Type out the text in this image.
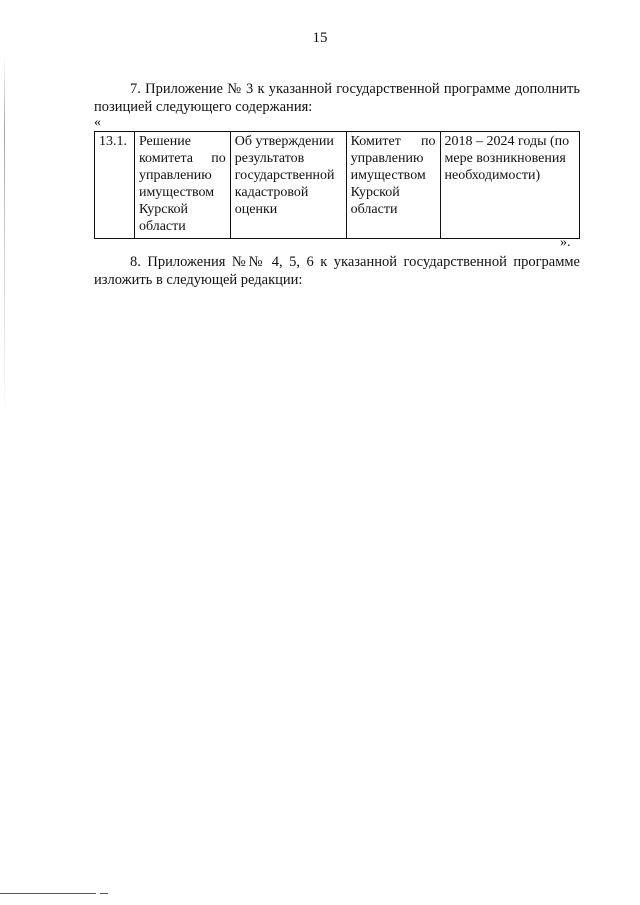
15
7. Приложение № 3 к указанной государственной программе дополнить позицией следующего содержания:
«
13.1.	Решение комитета по управлению имуществом Курской области	Об утверждении результатов государственной кадастровой оценки	Комитет по управлению имуществом Курской области	2018 – 2024 годы (по мере возникновения необходимости)
».
8. Приложения №№ 4, 5, 6 к указанной государственной программе изложить в следующей редакции:
